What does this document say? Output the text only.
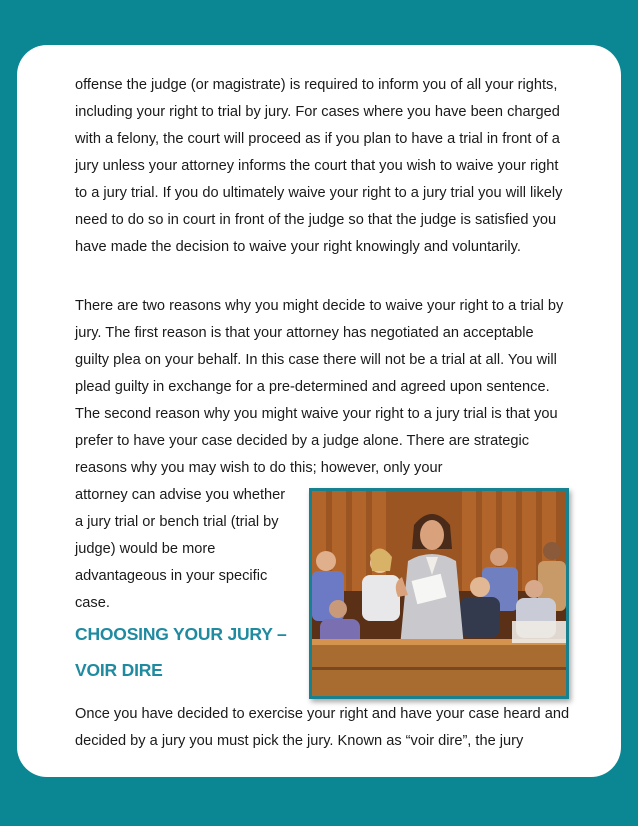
offense the judge (or magistrate) is required to inform you of all your rights, including your right to trial by jury. For cases where you have been charged with a felony, the court will proceed as if you plan to have a trial in front of a jury unless your attorney informs the court that you wish to waive your right to a jury trial. If you do ultimately waive your right to a jury trial you will likely need to do so in court in front of the judge so that the judge is satisfied you have made the decision to waive your right knowingly and voluntarily.

There are two reasons why you might decide to waive your right to a trial by jury. The first reason is that your attorney has negotiated an acceptable guilty plea on your behalf. In this case there will not be a trial at all. You will plead guilty in exchange for a pre-determined and agreed upon sentence. The second reason why you might waive your right to a jury trial is that you prefer to have your case decided by a judge alone. There are strategic reasons why you may wish to do this; however, only your

attorney can advise you whether a jury trial or bench trial (trial by judge) would be more advantageous in your specific case.

CHOOSING YOUR JURY –
VOIR DIRE

Once you have decided to exercise your right and have your case heard and decided by a jury you must pick the jury. Known as “voir dire”, the jury
